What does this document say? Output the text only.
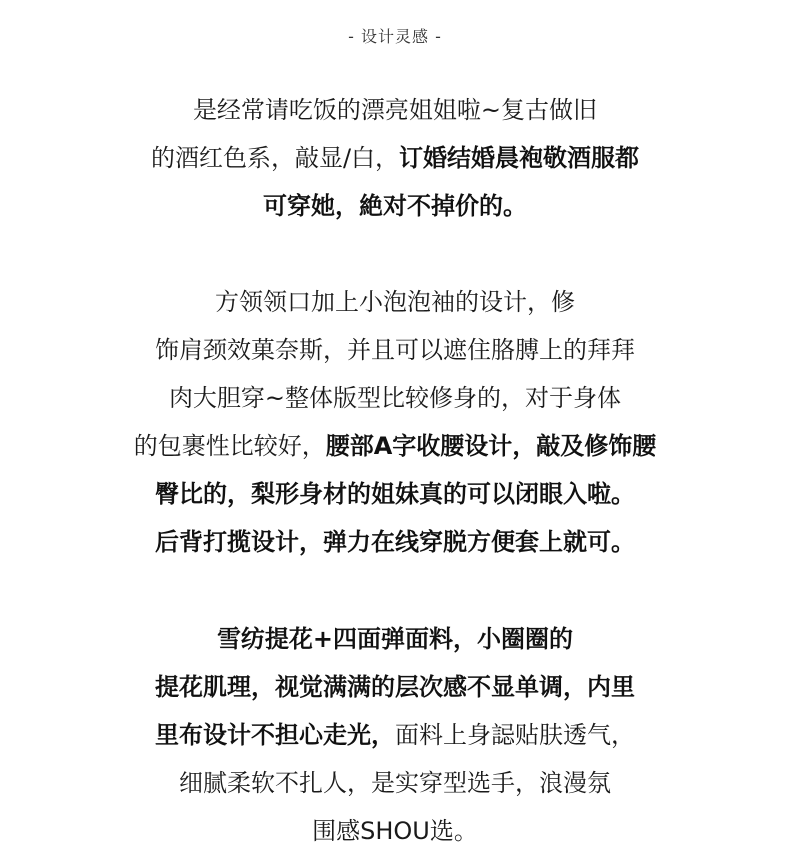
- 设计灵感 -
是经常请吃饭的漂亮姐姐啦~复古做旧
的酒红色系，敲显/白，订婚结婚晨袍敬酒服都
可穿她，絶对不掉价的。
方领领口加上小泡泡袖的设计，修
饰肩颈效菓奈斯，并且可以遮住胳膊上的拜拜
肉大胆穿~整体版型比较修身的，对于身体
的包裹性比较好，腰部A字收腰设计，敲及修饰腰
臀比的，梨形身材的姐妹真的可以闭眼入啦。
后背打揽设计，弹力在线穿脱方便套上就可。
雪纺提花+四面弹面料，小圈圈的
提花肌理，视觉满满的层次感不显单调，内里
里布设计不担心走光，面料上身誋贴肤透气，
细腻柔软不扎人，是实穿型选手，浪漫氛
围感SHOU选。
